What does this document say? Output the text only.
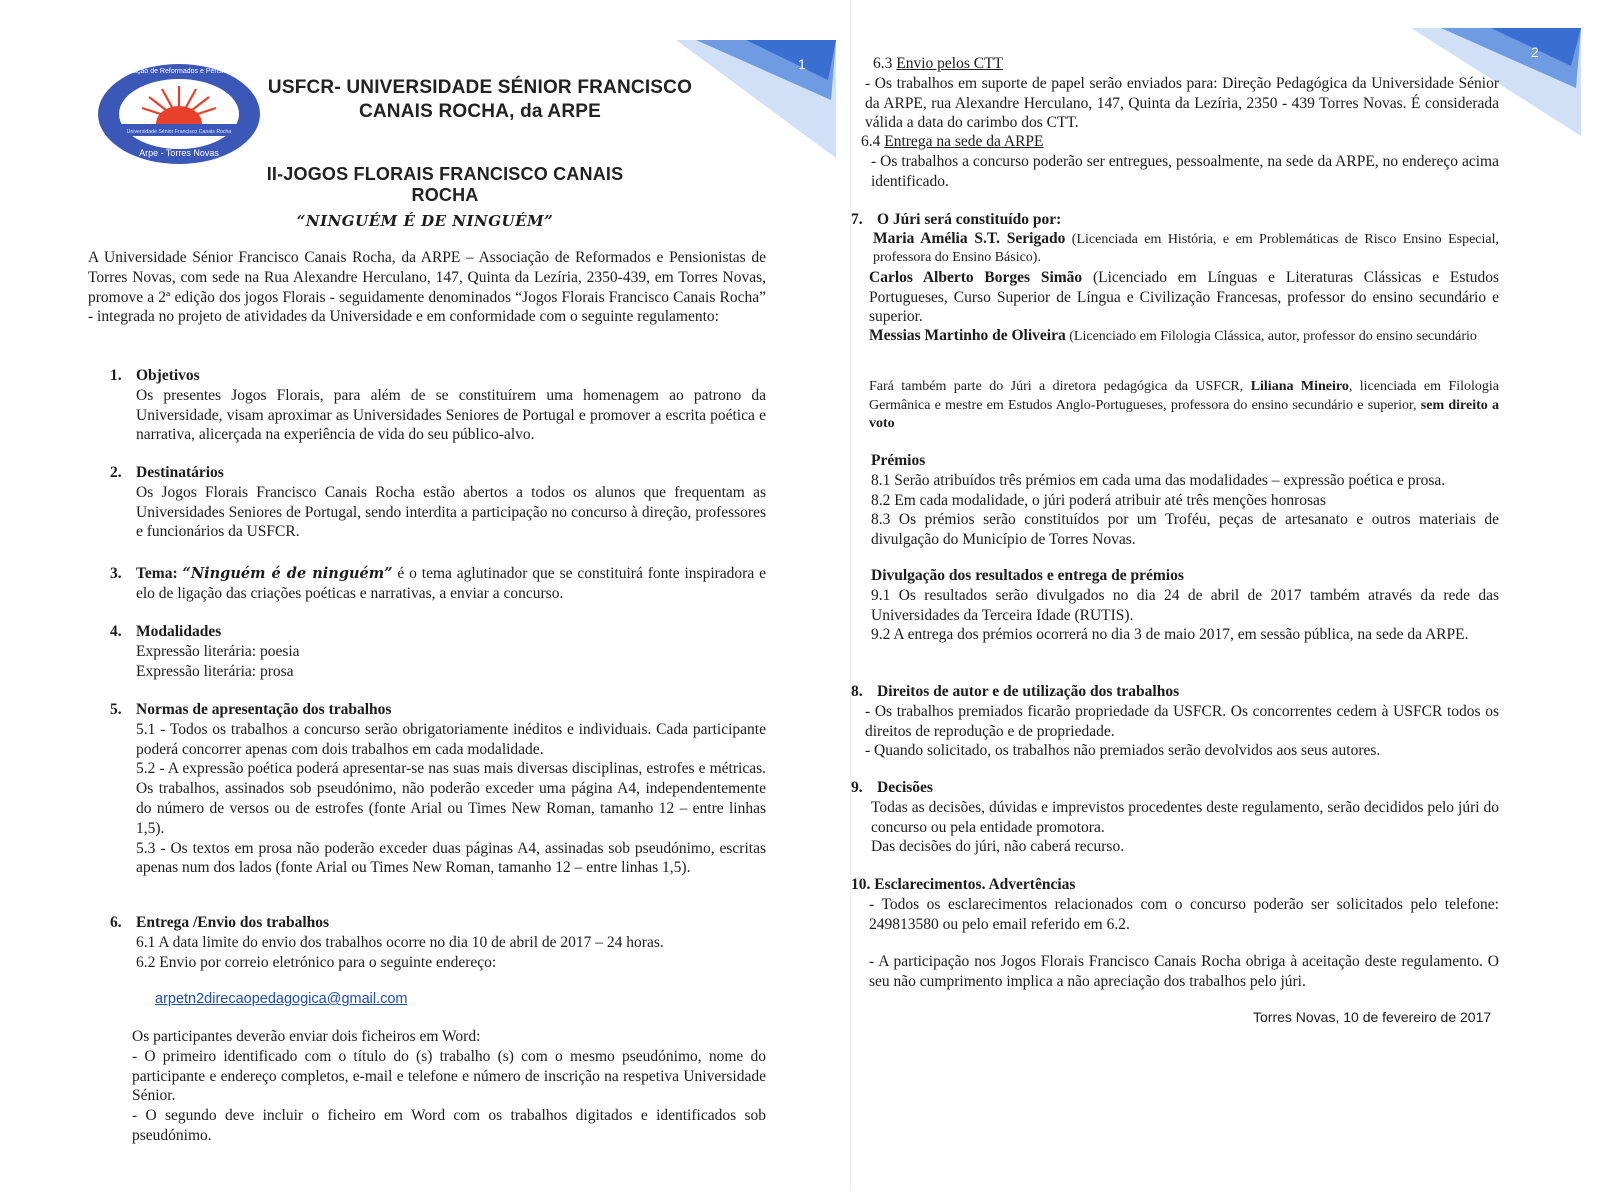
1
Universidade Sénior Francisco Canais Rocha
Associação de Reformados e Pensionistas
Arpe - Torres Novas
USFCR- UNIVERSIDADE SÉNIOR FRANCISCO
CANAIS ROCHA, da ARPE
II-JOGOS FLORAIS FRANCISCO CANAIS ROCHA
“NINGUÉM É DE NINGUÉM”

A Universidade Sénior Francisco Canais Rocha, da ARPE – Associação de Reformados e Pensionistas de Torres Novas, com sede na Rua Alexandre Herculano, 147, Quinta da Lezíria, 2350-439, em Torres Novas, promove a 2ª edição dos jogos Florais - seguidamente denominados “Jogos Florais Francisco Canais Rocha” - integrada no projeto de atividades da Universidade e em conformidade com o seguinte regulamento:

1. Objetivos

Os presentes Jogos Florais, para além de se constituírem uma homenagem ao patrono da Universidade, visam aproximar as Universidades Seniores de Portugal e promover a escrita poética e narrativa, alicerçada na experiência de vida do seu público-alvo.

2. Destinatários

Os Jogos Florais Francisco Canais Rocha estão abertos a todos os alunos que frequentam as Universidades Seniores de Portugal, sendo interdita a participação no concurso à direção, professores e funcionários da USFCR.

3. Tema: “Ninguém é de ninguém” é o tema aglutinador que se constituirá fonte inspiradora e elo de ligação das criações poéticas e narrativas, a enviar a concurso.
4. Modalidades

Expressão literária: poesia

Expressão literária: prosa

5. Normas de apresentação dos trabalhos

5.1 - Todos os trabalhos a concurso serão obrigatoriamente inéditos e individuais. Cada participante poderá concorrer apenas com dois trabalhos em cada modalidade.

5.2 - A expressão poética poderá apresentar-se nas suas mais diversas disciplinas, estrofes e métricas. Os trabalhos, assinados sob pseudónimo, não poderão exceder uma página A4, independentemente do número de versos ou de estrofes (fonte Arial ou Times New Roman, tamanho 12 – entre linhas 1,5).

5.3 - Os textos em prosa não poderão exceder duas páginas A4, assinadas sob pseudónimo, escritas apenas num dos lados (fonte Arial ou Times New Roman, tamanho 12 – entre linhas 1,5).

6. Entrega /Envio dos trabalhos

6.1 A data limite do envio dos trabalhos ocorre no dia 10 de abril de 2017 – 24 horas.

6.2 Envio por correio eletrónico para o seguinte endereço:

arpetn2direcaopedagogica@gmail.com

Os participantes deverão enviar dois ficheiros em Word:

- O primeiro identificado com o título do (s) trabalho (s) com o mesmo pseudónimo, nome do participante e endereço completos, e-mail e telefone e número de inscrição na respetiva Universidade Sénior.

- O segundo deve incluir o ficheiro em Word com os trabalhos digitados e identificados sob pseudónimo.

2

6.3 Envio pelos CTT

- Os trabalhos em suporte de papel serão enviados para: Direção Pedagógica da Universidade Sénior da ARPE, rua Alexandre Herculano, 147, Quinta da Lezíria, 2350 - 439 Torres Novas. É considerada válida a data do carimbo dos CTT.

6.4 Entrega na sede da ARPE

- Os trabalhos a concurso poderão ser entregues, pessoalmente, na sede da ARPE, no endereço acima identificado.

7. O Júri será constituído por:

Maria Amélia S.T. Serigado (Licenciada em História, e em Problemáticas de Risco Ensino Especial, professora do Ensino Básico).

Carlos Alberto Borges Simão (Licenciado em Línguas e Literaturas Clássicas e Estudos Portugueses, Curso Superior de Língua e Civilização Francesas, professor do ensino secundário e superior.

Messias Martinho de Oliveira (Licenciado em Filologia Clássica, autor, professor do ensino secundário

Fará também parte do Júri a diretora pedagógica da USFCR, Liliana Mineiro, licenciada em Filologia Germânica e mestre em Estudos Anglo-Portugueses, professora do ensino secundário e superior, sem direito a voto

Prémios

8.1 Serão atribuídos três prémios em cada uma das modalidades – expressão poética e prosa.

8.2 Em cada modalidade, o júri poderá atribuir até três menções honrosas

8.3 Os prémios serão constituídos por um Troféu, peças de artesanato e outros materiais de divulgação do Município de Torres Novas.

Divulgação dos resultados e entrega de prémios

9.1 Os resultados serão divulgados no dia 24 de abril de 2017 também através da rede das Universidades da Terceira Idade (RUTIS).

9.2 A entrega dos prémios ocorrerá no dia 3 de maio 2017, em sessão pública, na sede da ARPE.

8. Direitos de autor e de utilização dos trabalhos

- Os trabalhos premiados ficarão propriedade da USFCR. Os concorrentes cedem à USFCR todos os direitos de reprodução e de propriedade.

- Quando solicitado, os trabalhos não premiados serão devolvidos aos seus autores.

9. Decisões

Todas as decisões, dúvidas e imprevistos procedentes deste regulamento, serão decididos pelo júri do concurso ou pela entidade promotora.

Das decisões do júri, não caberá recurso.

10. Esclarecimentos. Advertências

- Todos os esclarecimentos relacionados com o concurso poderão ser solicitados pelo telefone: 249813580 ou pelo email referido em 6.2.

- A participação nos Jogos Florais Francisco Canais Rocha obriga à aceitação deste regulamento. O seu não cumprimento implica a não apreciação dos trabalhos pelo júri.

Torres Novas, 10 de fevereiro de 2017
